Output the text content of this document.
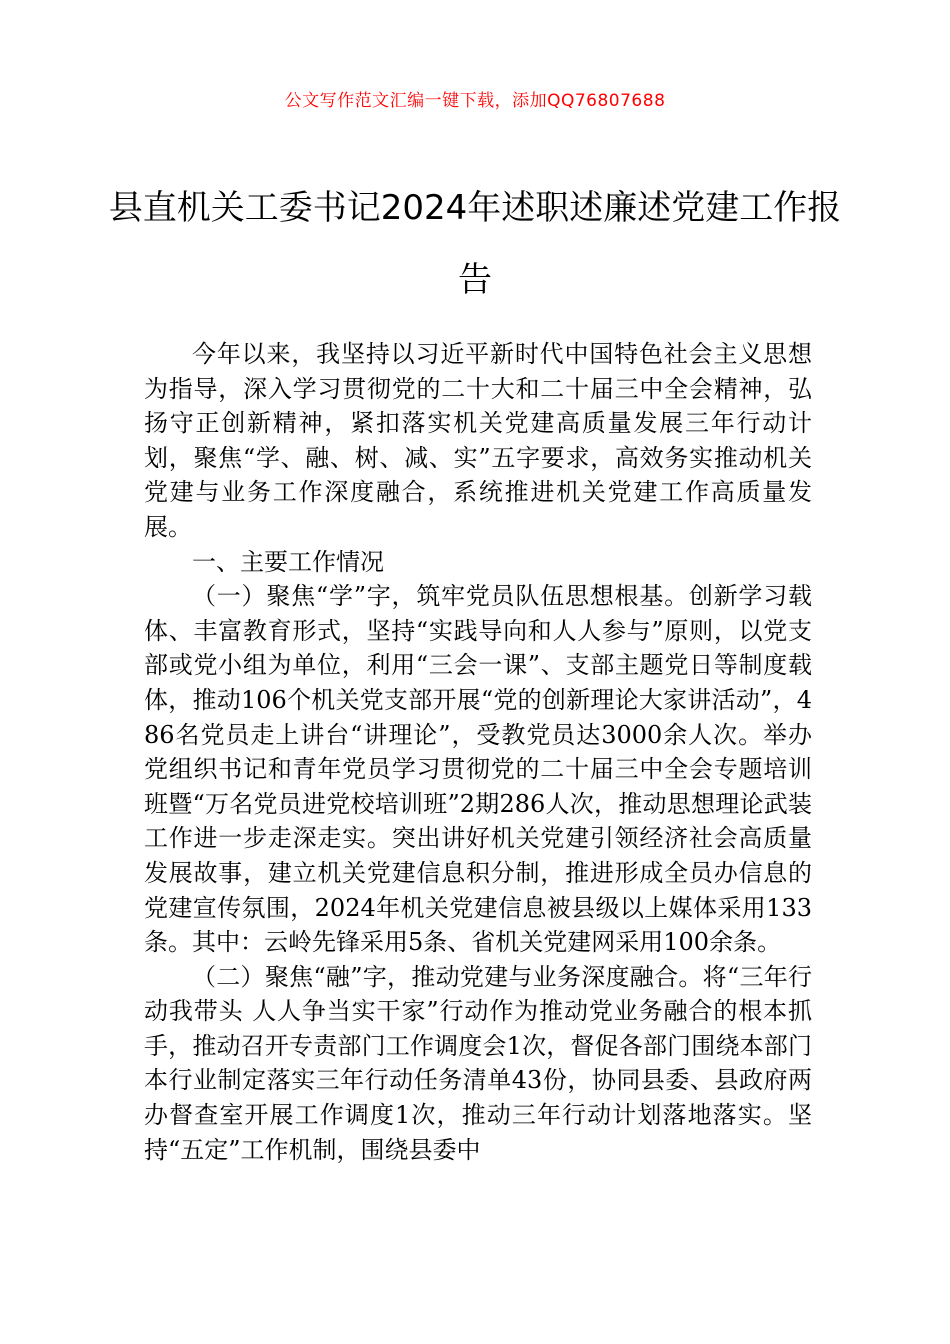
公文写作范文汇编一键下载，添加QQ76807688
县直机关工委书记2024年述职述廉述党建工作报告

今年以来，我坚持以习近平新时代中国特色社会主义思想为指导，深入学习贯彻党的二十大和二十届三中全会精神，弘扬守正创新精神，紧扣落实机关党建高质量发展三年行动计划，聚焦“学、融、树、减、实”五字要求，高效务实推动机关党建与业务工作深度融合，系统推进机关党建工作高质量发展。

一、主要工作情况

（一）聚焦“学”字，筑牢党员队伍思想根基。创新学习载体、丰富教育形式，坚持“实践导向和人人参与”原则，以党支部或党小组为单位，利用“三会一课”、支部主题党日等制度载体，推动106个机关党支部开展“党的创新理论大家讲活动”，486名党员走上讲台“讲理论”，受教党员达3000余人次。举办党组织书记和青年党员学习贯彻党的二十届三中全会专题培训班暨“万名党员进党校培训班”2期286人次，推动思想理论武装工作进一步走深走实。突出讲好机关党建引领经济社会高质量发展故事，建立机关党建信息积分制，推进形成全员办信息的党建宣传氛围，2024年机关党建信息被县级以上媒体采用133条。其中：云岭先锋采用5条、省机关党建网采用100余条。

（二）聚焦“融”字，推动党建与业务深度融合。将“三年行动我带头 人人争当实干家”行动作为推动党业务融合的根本抓手，推动召开专责部门工作调度会1次，督促各部门围绕本部门本行业制定落实三年行动任务清单43份，协同县委、县政府两办督查室开展工作调度1次，推动三年行动计划落地落实。坚持“五定”工作机制，围绕县委中
